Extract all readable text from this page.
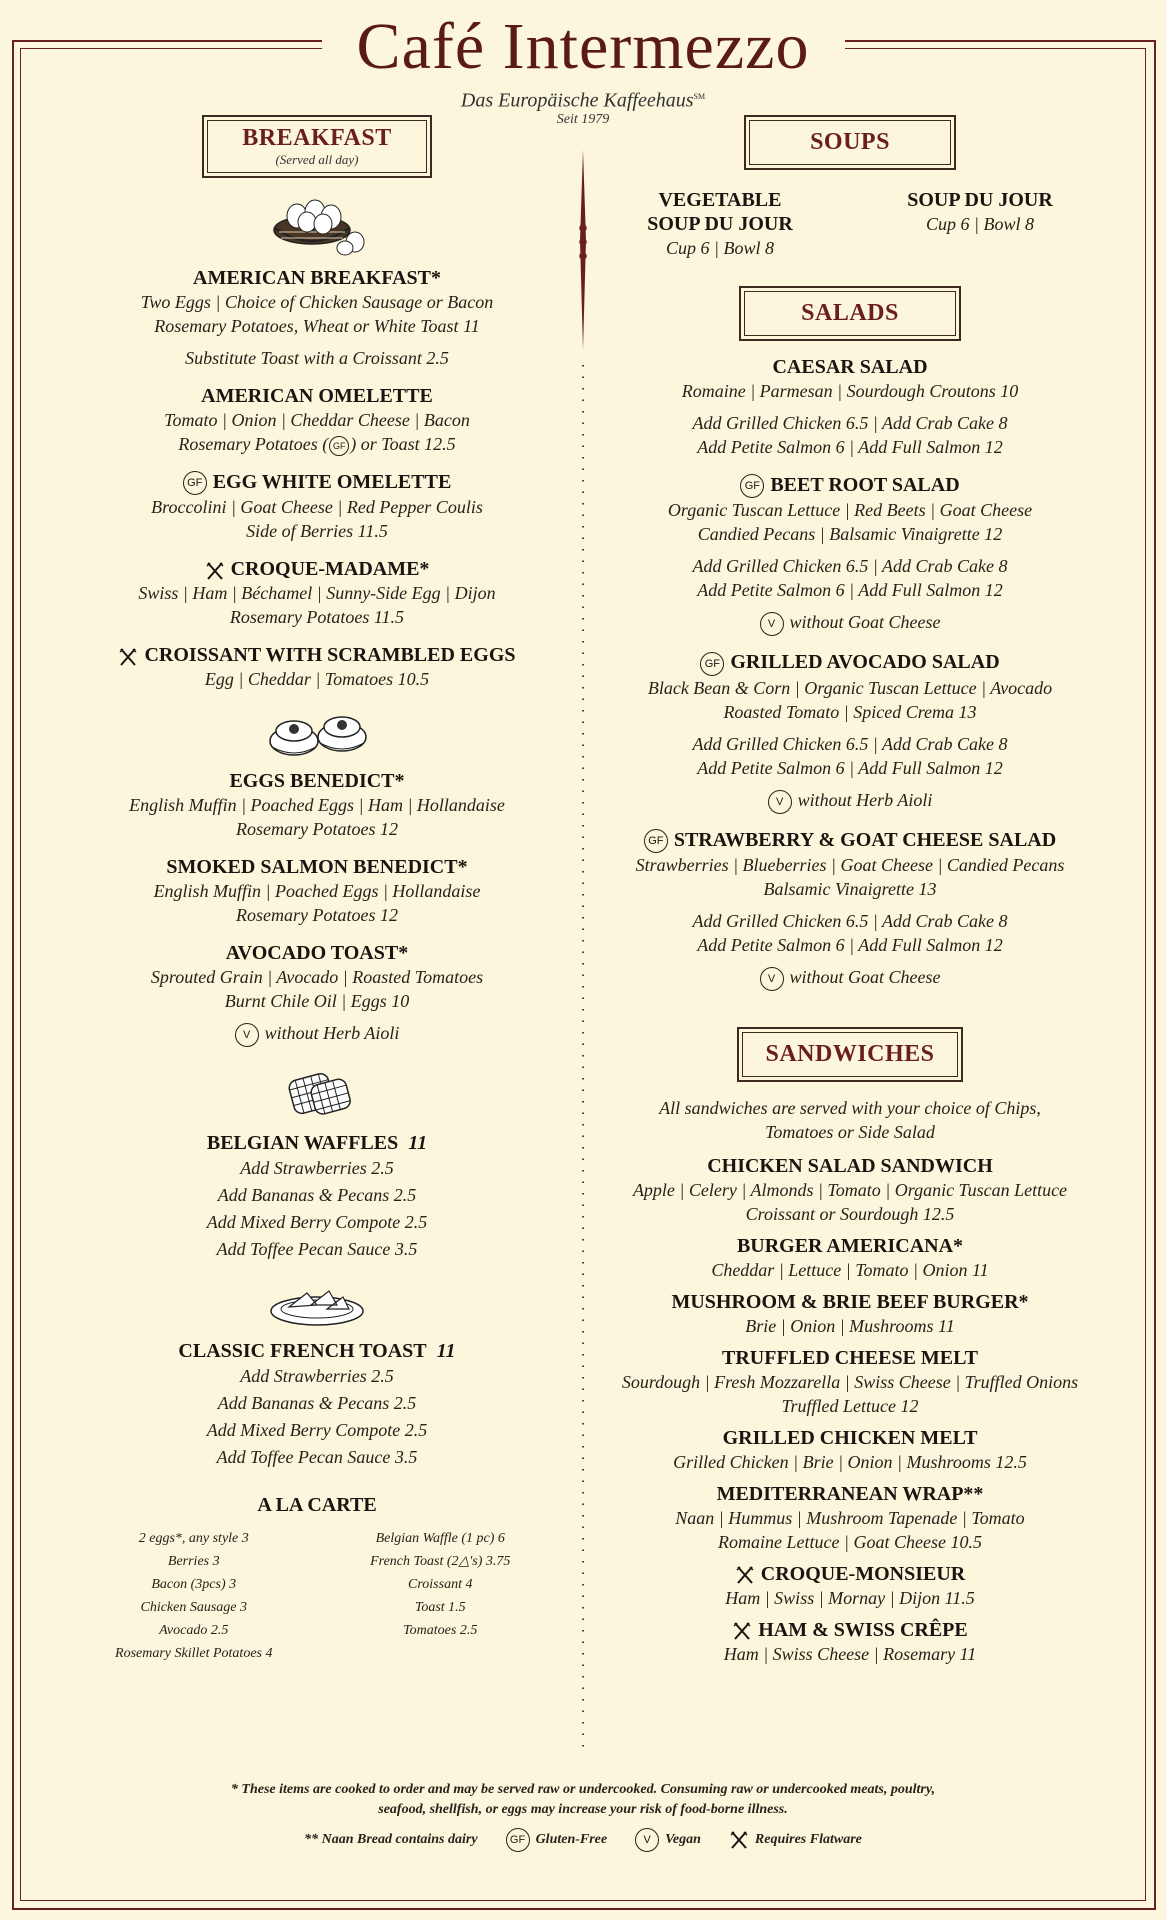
Café Intermezzo
Das Europäische Kaffeehaus℠
Seit 1979
BREAKFAST
(Served all day)
AMERICAN BREAKFAST*
Two Eggs | Choice of Chicken Sausage or Bacon
Rosemary Potatoes, Wheat or White Toast 11
Substitute Toast with a Croissant 2.5
AMERICAN OMELETTE
Tomato | Onion | Cheddar Cheese | Bacon
Rosemary Potatoes ( GF ) or Toast 12.5
GF EGG WHITE OMELETTE
Broccolini | Goat Cheese | Red Pepper Coulis
Side of Berries 11.5
CROQUE-MADAME*
Swiss | Ham | Béchamel | Sunny-Side Egg | Dijon
Rosemary Potatoes 11.5
CROISSANT WITH SCRAMBLED EGGS
Egg | Cheddar | Tomatoes 10.5
EGGS BENEDICT*
English Muffin | Poached Eggs | Ham | Hollandaise
Rosemary Potatoes 12
SMOKED SALMON BENEDICT*
English Muffin | Poached Eggs | Hollandaise
Rosemary Potatoes 12
AVOCADO TOAST*
Sprouted Grain | Avocado | Roasted Tomatoes
Burnt Chile Oil | Eggs 10
V without Herb Aioli
BELGIAN WAFFLES 11
Add Strawberries 2.5
Add Bananas & Pecans 2.5
Add Mixed Berry Compote 2.5
Add Toffee Pecan Sauce 3.5
CLASSIC FRENCH TOAST 11
Add Strawberries 2.5
Add Bananas & Pecans 2.5
Add Mixed Berry Compote 2.5
Add Toffee Pecan Sauce 3.5
A LA CARTE
2 eggs*, any style 3
Berries 3
Bacon (3pcs) 3
Chicken Sausage 3
Avocado 2.5
Rosemary Skillet Potatoes 4
Belgian Waffle (1 pc) 6
French Toast (2△'s) 3.75
Croissant 4
Toast 1.5
Tomatoes 2.5
SOUPS
VEGETABLE
SOUP DU JOUR
Cup 6 | Bowl 8
SOUP DU JOUR
Cup 6 | Bowl 8
SALADS
CAESAR SALAD
Romaine | Parmesan | Sourdough Croutons 10
Add Grilled Chicken 6.5 | Add Crab Cake 8
Add Petite Salmon 6 | Add Full Salmon 12
GF BEET ROOT SALAD
Organic Tuscan Lettuce | Red Beets | Goat Cheese
Candied Pecans | Balsamic Vinaigrette 12
Add Grilled Chicken 6.5 | Add Crab Cake 8
Add Petite Salmon 6 | Add Full Salmon 12
V without Goat Cheese
GF GRILLED AVOCADO SALAD
Black Bean & Corn | Organic Tuscan Lettuce | Avocado
Roasted Tomato | Spiced Crema 13
Add Grilled Chicken 6.5 | Add Crab Cake 8
Add Petite Salmon 6 | Add Full Salmon 12
V without Herb Aioli
GF STRAWBERRY & GOAT CHEESE SALAD
Strawberries | Blueberries | Goat Cheese | Candied Pecans
Balsamic Vinaigrette 13
Add Grilled Chicken 6.5 | Add Crab Cake 8
Add Petite Salmon 6 | Add Full Salmon 12
V without Goat Cheese
SANDWICHES
All sandwiches are served with your choice of Chips,
Tomatoes or Side Salad
CHICKEN SALAD SANDWICH
Apple | Celery | Almonds | Tomato | Organic Tuscan Lettuce
Croissant or Sourdough 12.5
BURGER AMERICANA*
Cheddar | Lettuce | Tomato | Onion 11
MUSHROOM & BRIE BEEF BURGER*
Brie | Onion | Mushrooms 11
TRUFFLED CHEESE MELT
Sourdough | Fresh Mozzarella | Swiss Cheese | Truffled Onions
Truffled Lettuce 12
GRILLED CHICKEN MELT
Grilled Chicken | Brie | Onion | Mushrooms 12.5
MEDITERRANEAN WRAP**
Naan | Hummus | Mushroom Tapenade | Tomato
Romaine Lettuce | Goat Cheese 10.5
CROQUE-MONSIEUR
Ham | Swiss | Mornay | Dijon 11.5
HAM & SWISS CRÊPE
Ham | Swiss Cheese | Rosemary 11
* These items are cooked to order and may be served raw or undercooked. Consuming raw or undercooked meats, poultry,
seafood, shellfish, or eggs may increase your risk of food-borne illness.
** Naan Bread contains dairy	GF Gluten-Free	V Vegan	Requires Flatware
